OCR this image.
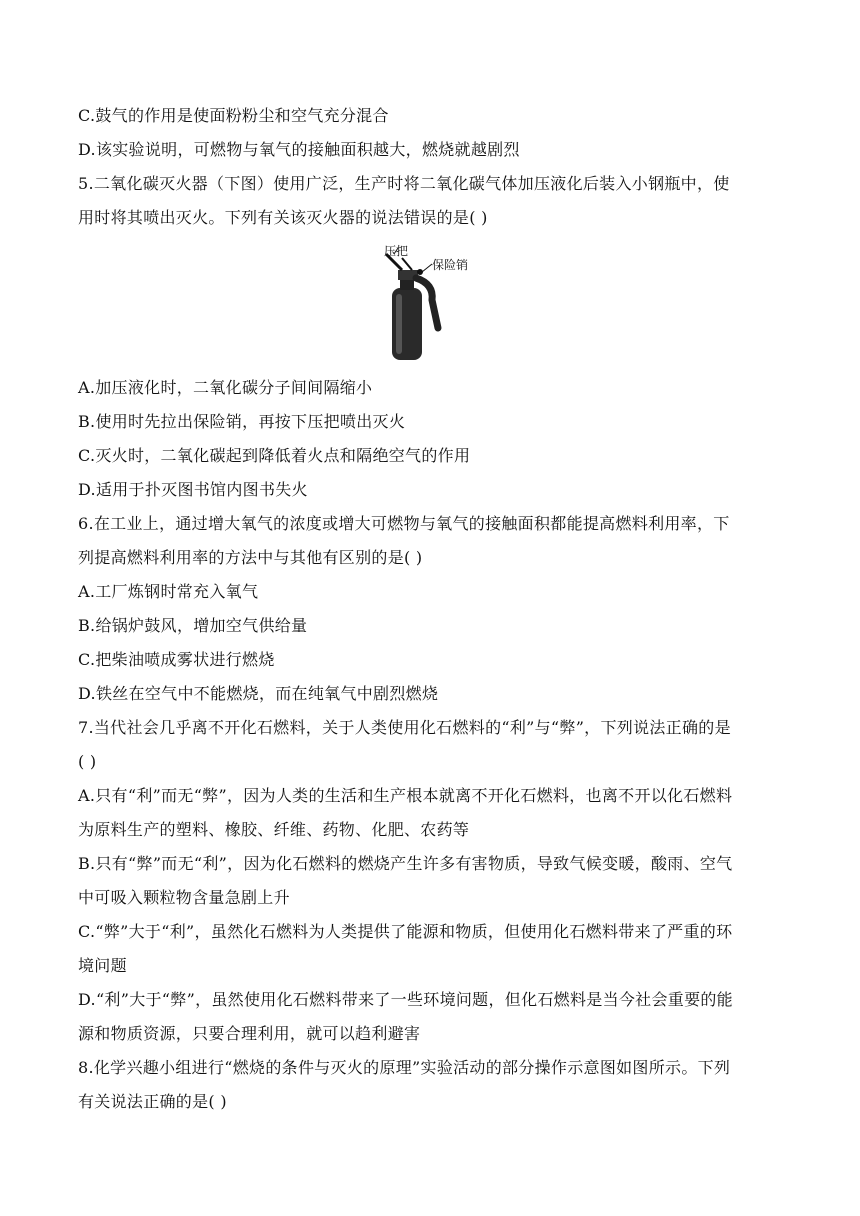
C.鼓气的作用是使面粉粉尘和空气充分混合
D.该实验说明，可燃物与氧气的接触面积越大，燃烧就越剧烈
5.二氧化碳灭火器（下图）使用广泛，生产时将二氧化碳气体加压液化后装入小钢瓶中，使
用时将其喷出灭火。下列有关该灭火器的说法错误的是( )
压把
保险销
A.加压液化时，二氧化碳分子间间隔缩小
B.使用时先拉出保险销，再按下压把喷出灭火
C.灭火时，二氧化碳起到降低着火点和隔绝空气的作用
D.适用于扑灭图书馆内图书失火
6.在工业上，通过增大氧气的浓度或增大可燃物与氧气的接触面积都能提高燃料利用率，下
列提高燃料利用率的方法中与其他有区别的是( )
A.工厂炼钢时常充入氧气
B.给锅炉鼓风，增加空气供给量
C.把柴油喷成雾状进行燃烧
D.铁丝在空气中不能燃烧，而在纯氧气中剧烈燃烧
7.当代社会几乎离不开化石燃料，关于人类使用化石燃料的“利”与“弊”，下列说法正确的是
( )
A.只有“利”而无“弊”，因为人类的生活和生产根本就离不开化石燃料，也离不开以化石燃料
为原料生产的塑料、橡胶、纤维、药物、化肥、农药等
B.只有“弊”而无“利”，因为化石燃料的燃烧产生许多有害物质，导致气候变暖，酸雨、空气
中可吸入颗粒物含量急剧上升
C.“弊”大于“利”，虽然化石燃料为人类提供了能源和物质，但使用化石燃料带来了严重的环
境问题
D.“利”大于“弊”，虽然使用化石燃料带来了一些环境问题，但化石燃料是当今社会重要的能
源和物质资源，只要合理利用，就可以趋利避害
8.化学兴趣小组进行“燃烧的条件与灭火的原理”实验活动的部分操作示意图如图所示。下列
有关说法正确的是( )
